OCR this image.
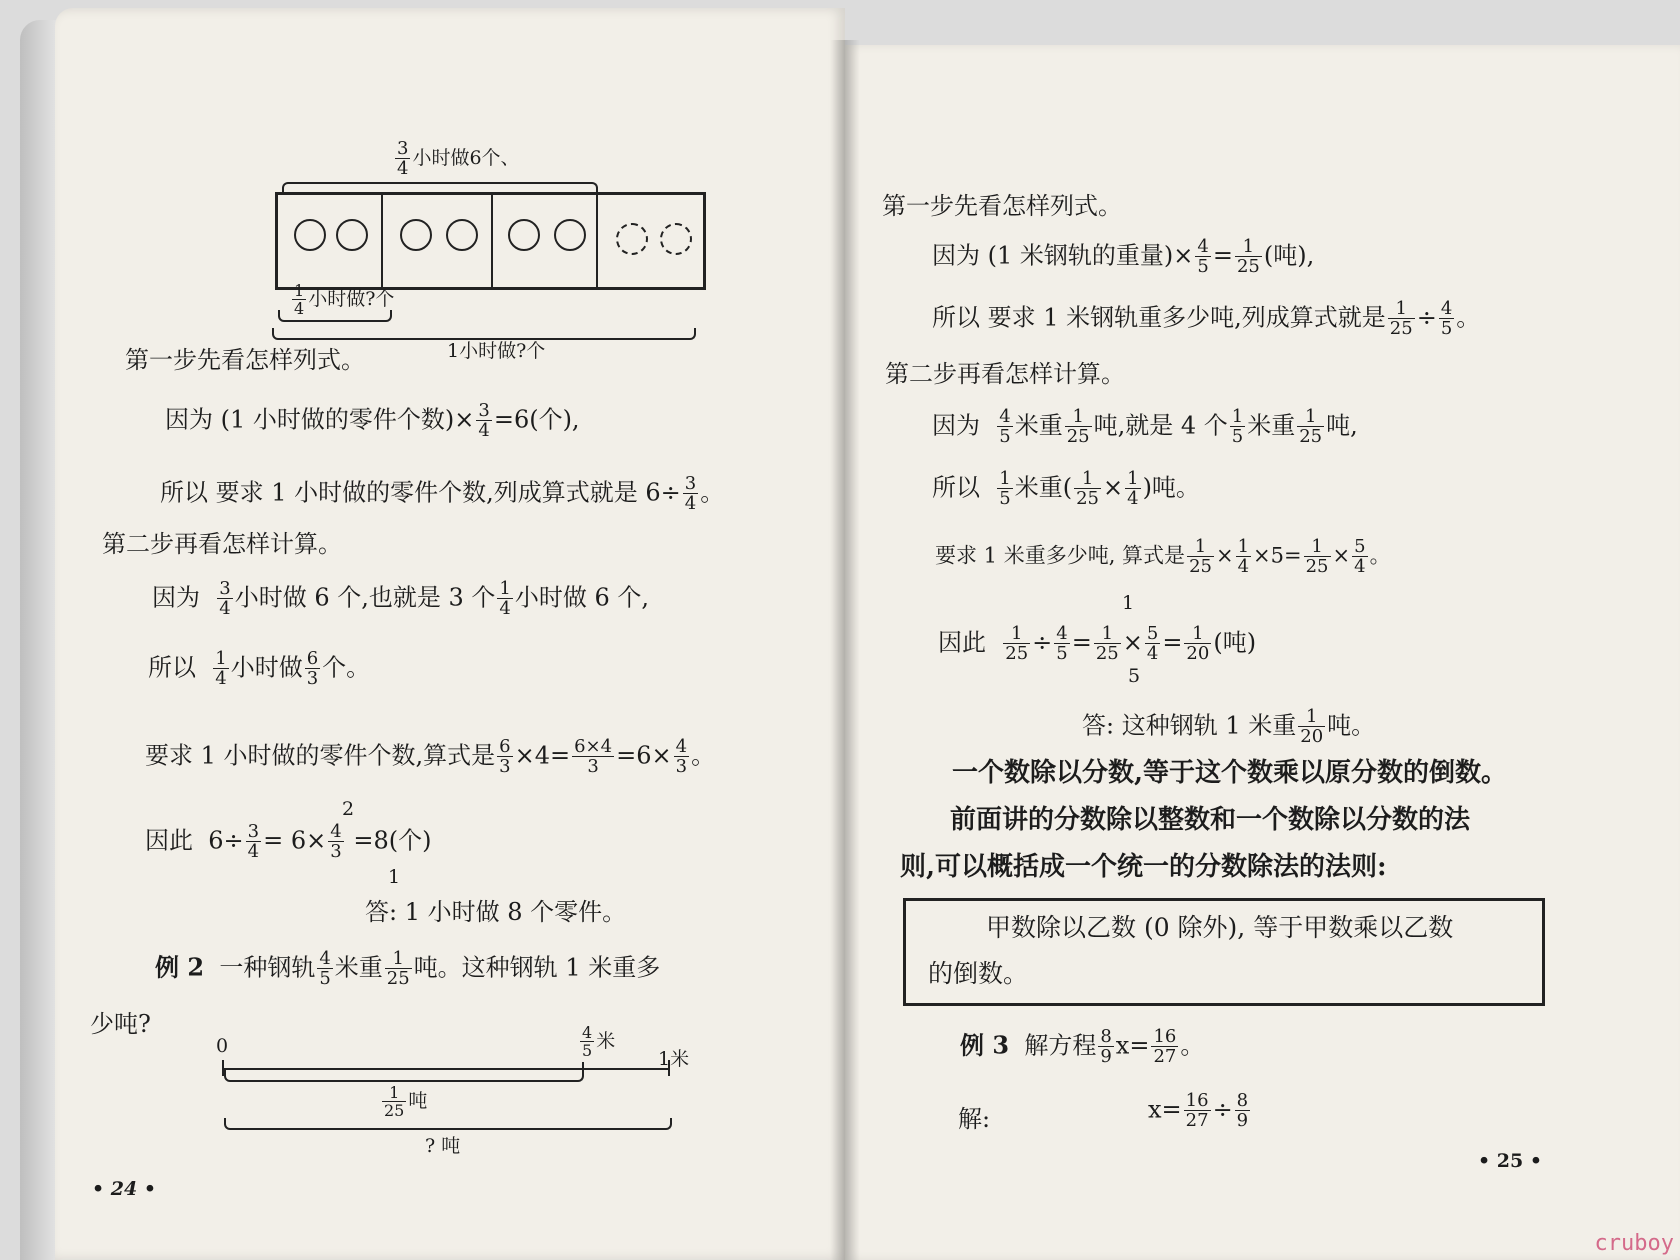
$\frac{3}{4}$ 小时做6个、
$\frac{1}{4}$ 小时做?个
1小时做?个
第一步先看怎样列式。
因为 (1 小时做的零件个数)× $\frac{3}{4} =6$(个),
所以 要求 1 小时做的零件个数,列成算式就是 $6\div \frac{3}{4}$ 。
第二步再看怎样计算。
因为 $\frac{3}{4}$ 小时做 6 个,也就是 3 个 $\frac{1}{4}$ 小时做 6 个,
所以 $\frac{1}{4}$ 小时做 $\frac{6}{3}$ 个。
要求 1 小时做的零件个数,算式是 $\frac{6}{3} \times 4= \frac{6\times 4}{3} =6\times \frac{4}{3}$ 。
2
因此 $6\div \frac{3}{4} = 6\times \frac{4}{3} =8$(个)
1
答: 1 小时做 8 个零件。
例 2 一种钢轨 $\frac{4}{5}$ 米重 $\frac{1}{25}$ 吨。这种钢轨 1 米重多
少吨?
0	$\frac{4}{5}$ 米
1米
$\frac{1}{25}$ 吨
? 吨
• 24 •
第一步先看怎样列式。
因为 (1 米钢轨的重量)× $\frac{4}{5} = \frac{1}{25}$ (吨),
所以 要求 1 米钢轨重多少吨,列成算式就是 $\frac{1}{25} \div \frac{4}{5}$ 。
第二步再看怎样计算。
因为 $\frac{4}{5}$ 米重 $\frac{1}{25}$ 吨,就是 4 个 $\frac{1}{5}$ 米重 $\frac{1}{25}$ 吨,
所以 $\frac{1}{5}$ 米重( $\frac{1}{25} \times \frac{1}{4}$ )吨。
要求 1 米重多少吨, 算式是 $\frac{1}{25} \times \frac{1}{4} \times 5= \frac{1}{25} \times \frac{5}{4}$ 。
1
因此 $\frac{1}{25} \div \frac{4}{5} = \frac{1}{25} \times \frac{5}{4} = \frac{1}{20}$ (吨)
5
答: 这种钢轨 1 米重 $\frac{1}{20}$ 吨。
一个数除以分数,等于这个数乘以原分数的倒数。
前面讲的分数除以整数和一个数除以分数的法
则,可以概括成一个统一的分数除法的法则:
甲数除以乙数 (0 除外), 等于甲数乘以乙数
的倒数。
例 3 解方程 $\frac{8}{9} x= \frac{16}{27}$ 。
解:	$x= \frac{16}{27} \div \frac{8}{9}$
• 25 •
cruboy
